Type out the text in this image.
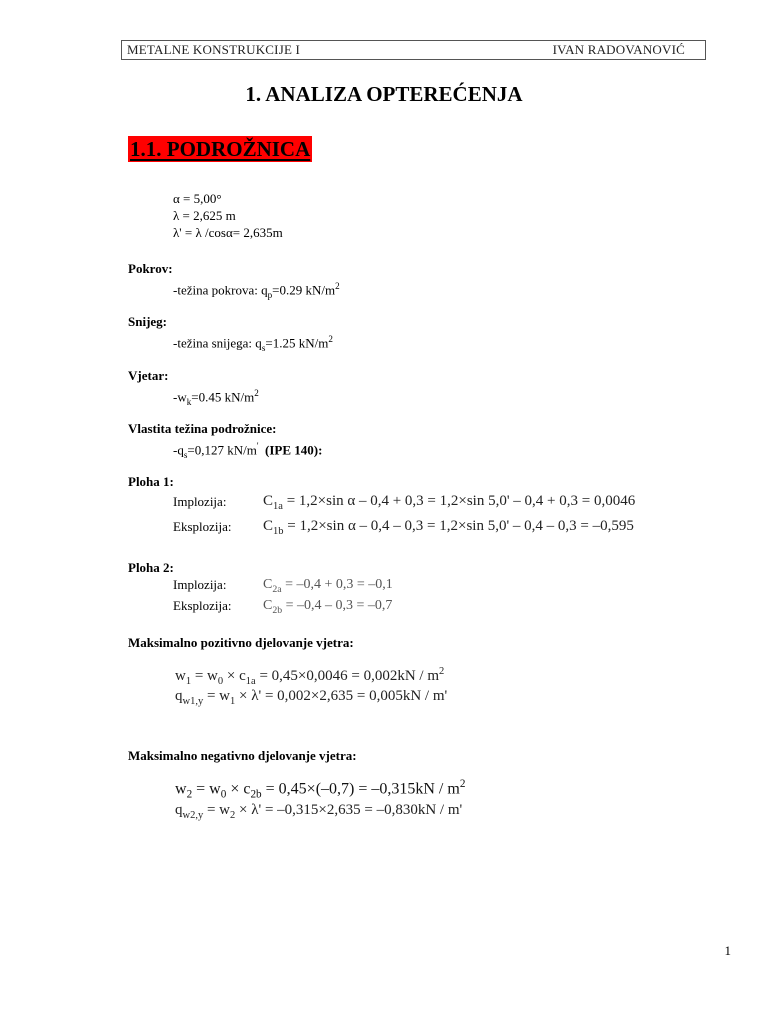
METALNE KONSTRUKCIJE I	IVAN RADOVANOVIĆ
1. ANALIZA OPTEREĆENJA
1.1. PODROŽNICA
α = 5,00°
λ = 2,625 m
λ' = λ /cosα= 2,635m
Pokrov:
-težina pokrova: $q_p=0.29$ $kN/m^2$
Snijeg:
-težina snijega: $q_s=1.25$ $kN/m^2$
Vjetar:
$-w_k=0.45$ $kN/m^2$
Vlastita težina podrožnice:
$-q_s=0,127$ kN/m' (IPE 140):
Ploha 1:
Implozija: $C_{1a} = 1,2\times\sin$ α – 0,4 + 0,3 = 1,2×sin 5,0' – 0,4 + 0,3 = 0,0046
Eksplozija: $C_{1b} = 1,2\times\sin$ α – 0,4 – 0,3 = 1,2×sin 5,0' – 0,4 – 0,3 = –0,595
Ploha 2:
Implozija:	$C_{2a} = -0,4 + 0,3 = -0,1$
Eksplozija: $C_{2b} = -0,4 - 0,3 = -0,7$
Maksimalno pozitivno djelovanje vjetra:
$w_1 = w_0 \times c_{1a} = 0,45\times 0,0046 = 0,002kN / m^2$
$q_{w1,y} = w_1 \times \lambda' = 0,002\times 2,635 = 0,005kN / m'$
Maksimalno negativno djelovanje vjetra:
$w_2 = w_0 \times c_{2b} = 0,45\times(-0,7) = -0,315kN / m^2$
$q_{w2,y} = w_2 \times \lambda' = -0,315\times 2,635 = -0,830kN / m'$
1
